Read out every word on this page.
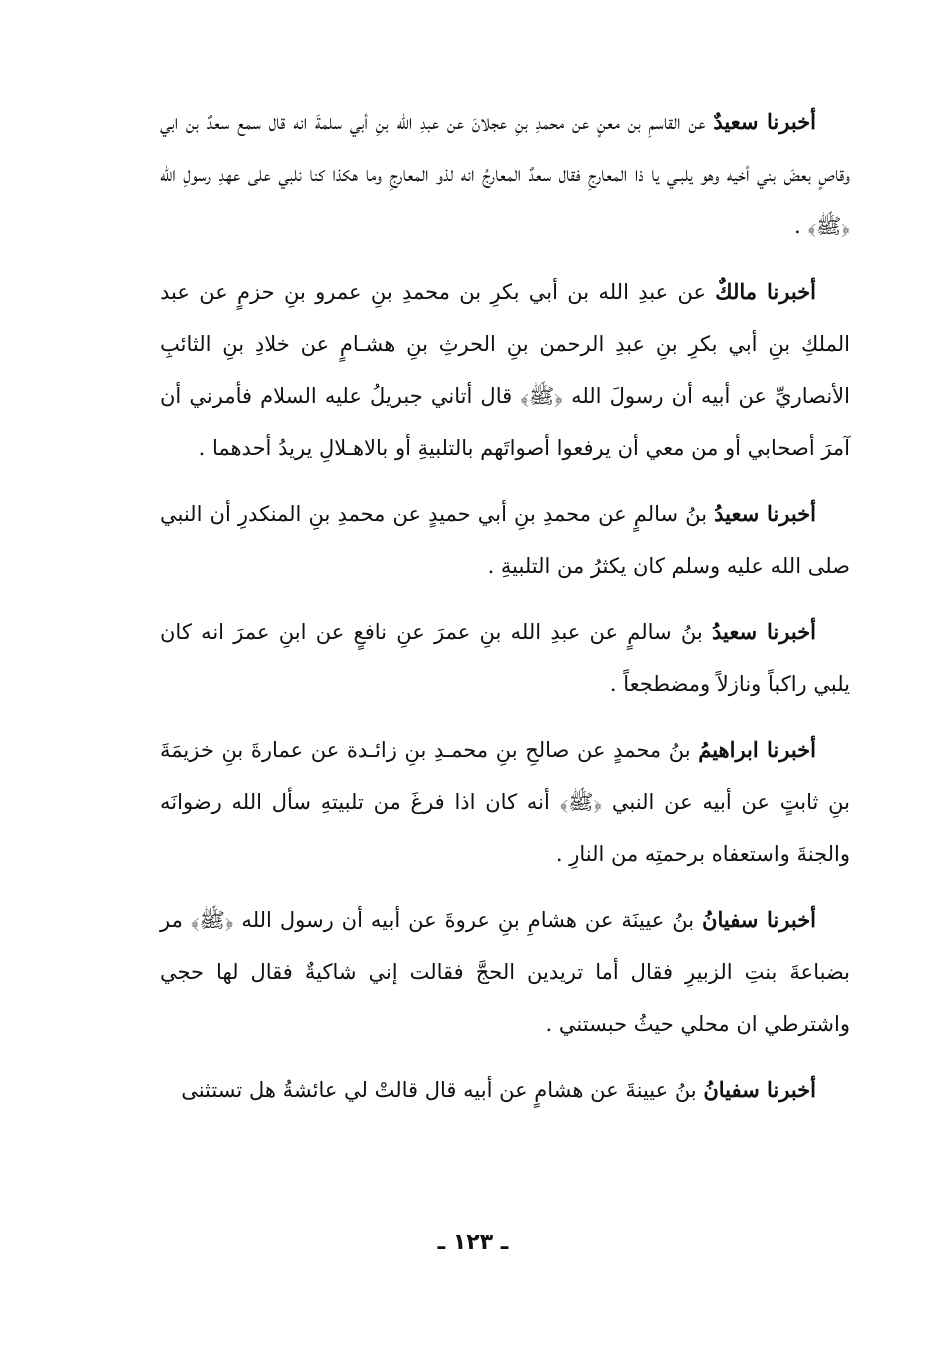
أخبرنا سعيدٌ عن القاسمِ بن معنٍ عن محمدِ بنِ عجلانَ عن عبدِ الله بنِ أبي سلمةَ انه قال سمع سعدٌ بن ابي وقاصٍ بعضَ بني أخيه وهو يلبـي يا ذا المعارجِ فقال سعدٌ المعارجُ انه لذو المعارجِ وما هكذا كنا نلبي على عهدِ رسولِ الله ﴿ﷺ﴾ .

أخبرنا مالكٌ عن عبدِ الله بن أبي بكرِ بن محمدِ بنِ عمرو بنِ حزمٍ عن عبد الملكِ بنِ أبي بكرِ بنِ عبدِ الرحمن بنِ الحرثِ بنِ هشـامٍ عن خلادِ بنِ الثائبِ الأنصاريِّ عن أبيه أن رسولَ الله ﴿ﷺ﴾ قال أتاني جبريلُ عليه السلام فأمرني أن آمرَ أصحابي أو من معي أن يرفعوا أصواتَهم بالتلبيةِ أو بالاهـلالِ يريدُ أحدهما .

أخبرنا سعيدُ بنُ سالمٍ عن محمدِ بنِ أبي حميدٍ عن محمدِ بنِ المنكدرِ أن النبي صلى الله عليه وسلم كان يكثرُ من التلبيةِ .

أخبرنا سعيدُ بنُ سالمٍ عن عبدِ الله بنِ عمرَ عنِ نافعٍ عن ابنِ عمرَ انه كان يلبي راكباً ونازلاً ومضطجعاً .

أخبرنا ابراهيمُ بنُ محمدٍ عن صالحِ بنِ محمـدِ بنِ زائـدة عن عمارةَ بنِ خزيمَةَ بنِ ثابتٍ عن أبيه عن النبي ﴿ﷺ﴾ أنه كان اذا فرغَ من تلبيتهِ سأل الله رضوانَه والجنةَ واستعفاه برحمتِه من النارِ .

أخبرنا سفيانُ بنُ عيينَة عن هشامِ بنِ عروةَ عن أبيه أن رسول الله ﴿ﷺ﴾ مر بضباعةَ بنتِ الزبيرِ فقال أما تريدين الحجَّ فقالت إني شاكيةٌ فقال لها حجي واشترطي ان محلي حيثُ حبستني .

أخبرنا سفيانُ بنُ عيينةَ عن هشامٍ عن أبيه قال قالتْ لي عائشةُ هل تستثنى

ـ ١٢٣ ـ
